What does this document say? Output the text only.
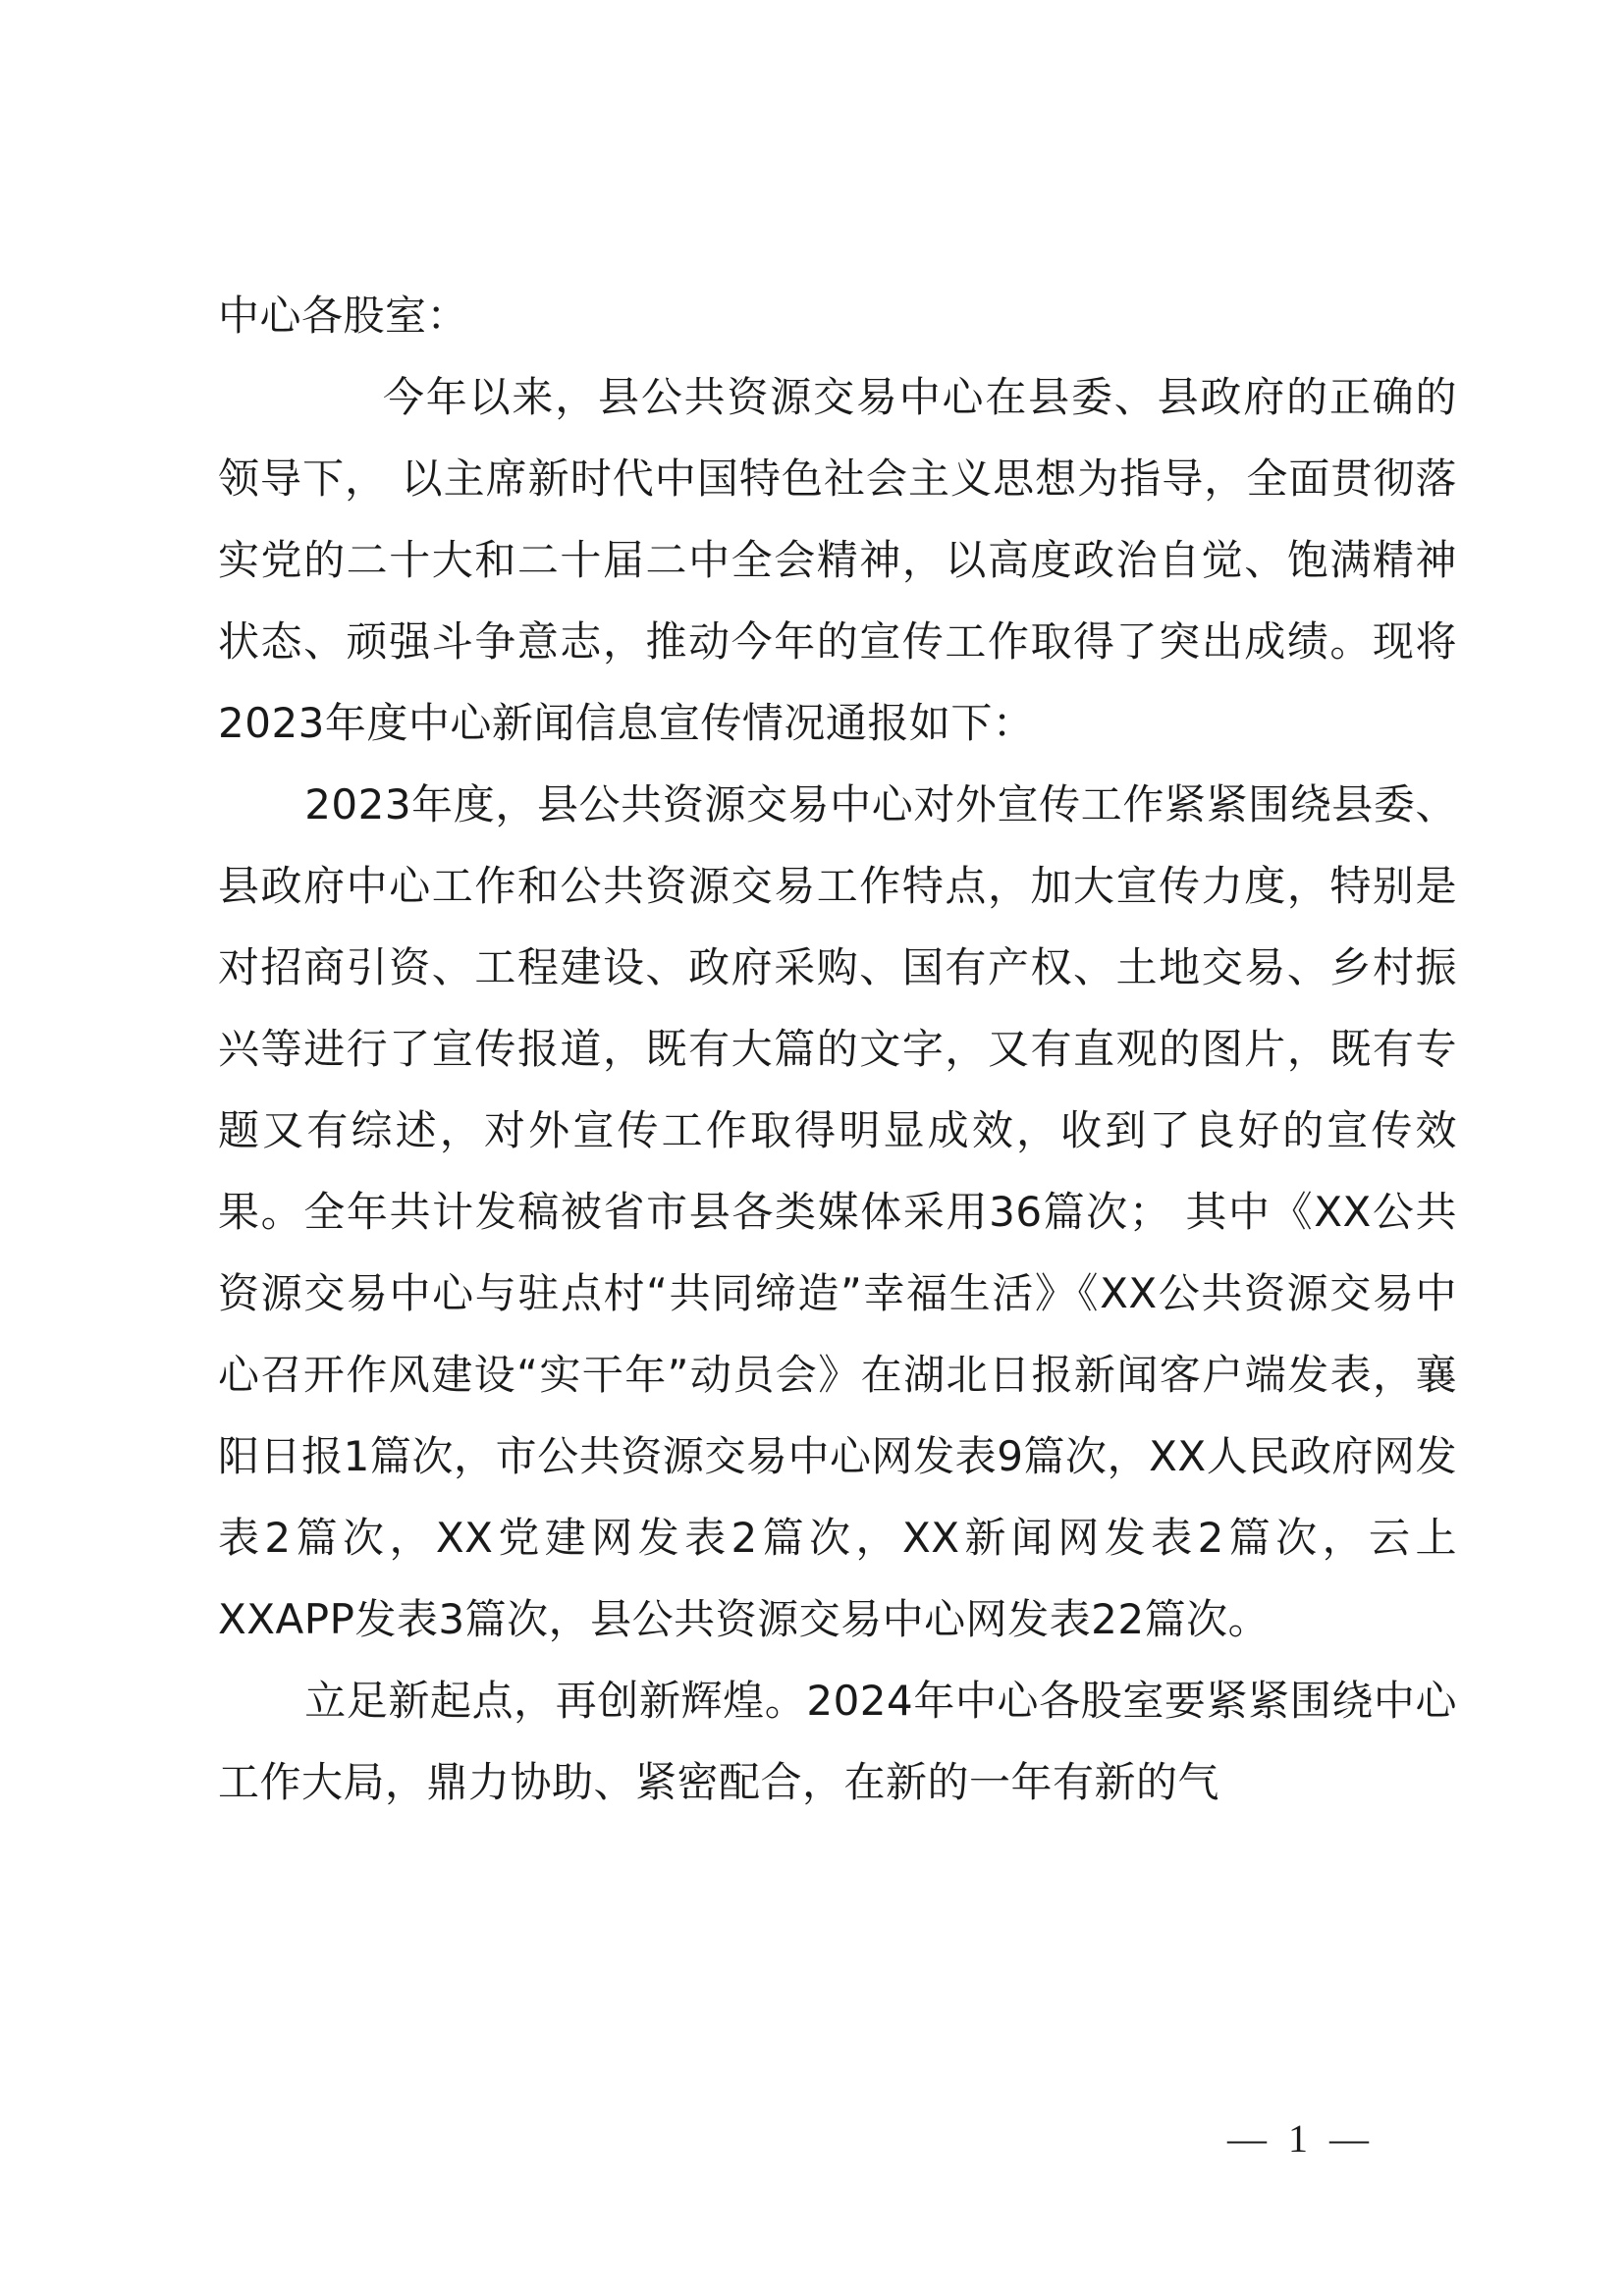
中心各股室：

今年以来，县公共资源交易中心在县委、县政府的正确的领导下， 以主席新时代中国特色社会主义思想为指导，全面贯彻落实党的二十大和二十届二中全会精神，以高度政治自觉、饱满精神状态、顽强斗争意志，推动今年的宣传工作取得了突出成绩。现将2023年度中心新闻信息宣传情况通报如下：

2023年度，县公共资源交易中心对外宣传工作紧紧围绕县委、县政府中心工作和公共资源交易工作特点，加大宣传力度，特别是对招商引资、工程建设、政府采购、国有产权、土地交易、乡村振兴等进行了宣传报道，既有大篇的文字，又有直观的图片，既有专题又有综述，对外宣传工作取得明显成效，收到了良好的宣传效果。全年共计发稿被省市县各类媒体采用36篇次； 其中《XX公共资源交易中心与驻点村“共同缔造”幸福生活》《XX公共资源交易中心召开作风建设“实干年”动员会》在湖北日报新闻客户端发表，襄阳日报1篇次，市公共资源交易中心网发表9篇次，XX人民政府网发表2篇次，XX党建网发表2篇次，XX新闻网发表2篇次，云上XXAPP发表3篇次，县公共资源交易中心网发表22篇次。

立足新起点，再创新辉煌。2024年中心各股室要紧紧围绕中心工作大局，鼎力协助、紧密配合，在新的一年有新的气

— 1 —
